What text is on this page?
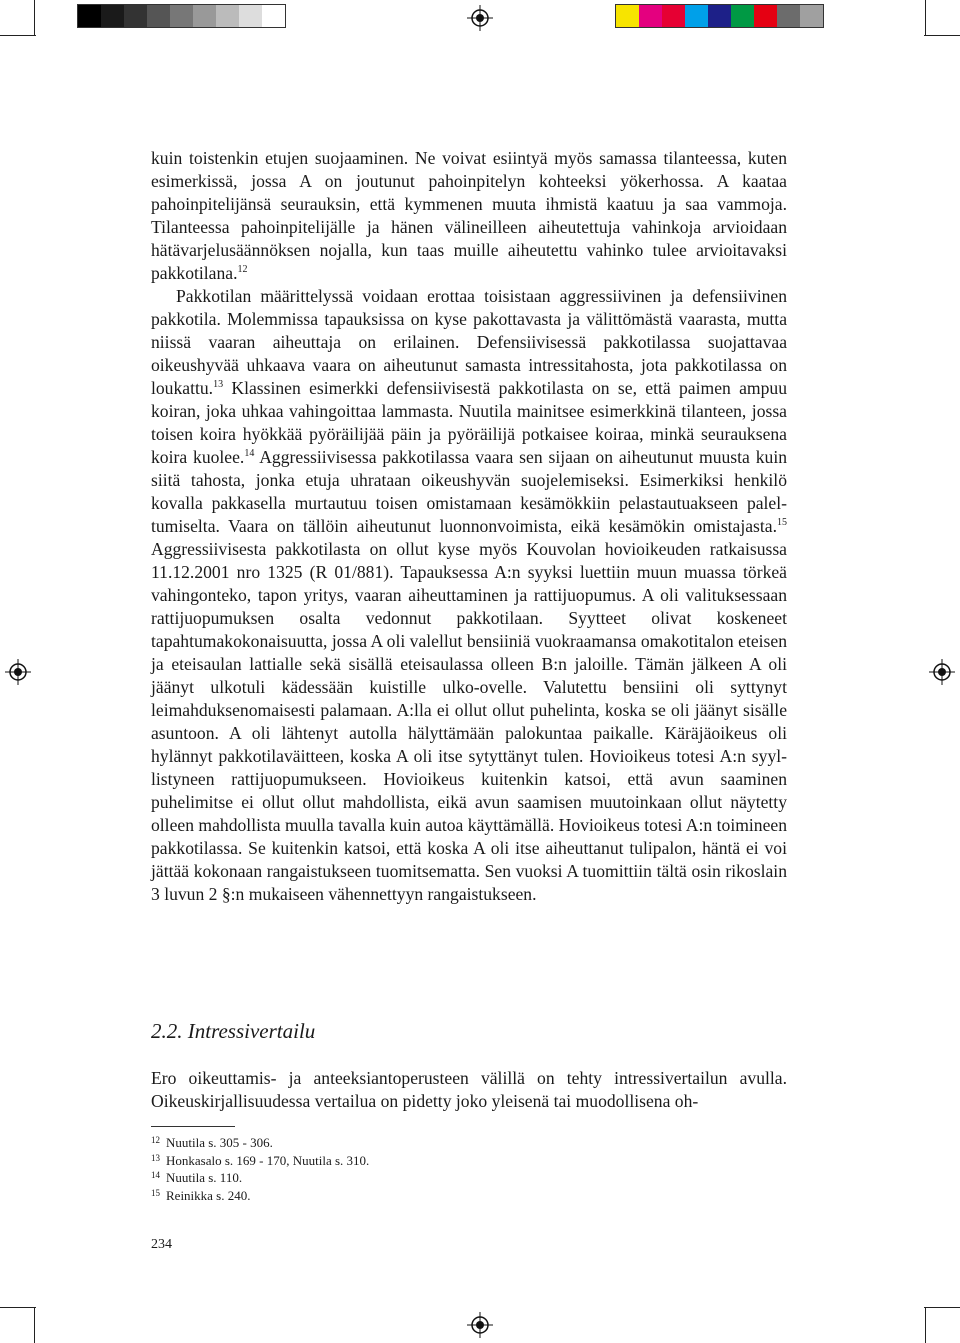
kuin toistenkin etujen suojaaminen. Ne voivat esiintyä myös samassa tilanteessa, kuten esimerkissä, jossa A on joutunut pahoinpitelyn kohteeksi yökerhossa. A kaataa pahoinpitelijänsä seurauksin, että kymmenen muuta ihmistä kaatuu ja saa vammoja. Tilanteessa pahoinpitelijälle ja hänen välineilleen aiheutettuja vahinkoja arvioidaan hätävarjelusäännöksen nojalla, kun taas muille aiheutettu vahinko tulee arvioitavaksi pakkotilana.$^{12}$

Pakkotilan määrittelyssä voidaan erottaa toisistaan aggressiivinen ja defensiivinen pakkotila. Molemmissa tapauksissa on kyse pakottavasta ja välittömästä vaarasta, mutta niissä vaaran aiheuttaja on erilainen. Defensiivisessä pakkotilassa suojattavaa oikeushyvää uhkaava vaara on aiheutunut samasta intressitahosta, jota pakkotilassa on loukattu.$^{13}$ Klassinen esimerkki defensiivisestä pakkotilasta on se, että paimen ampuu koiran, joka uhkaa vahingoittaa lammasta. Nuutila mainitsee esimerkkinä tilanteen, jossa toisen koira hyökkää pyöräilijää päin ja pyöräilijä potkaisee koiraa, minkä seurauksena koira kuolee.$^{14}$ Aggressiivisessa pakkotilassa vaara sen sijaan on aiheutunut muusta kuin siitä tahosta, jonka etuja uhrataan oikeushyvän suojelemiseksi. Esimerkiksi henkilö kovalla pakkasella murtautuu toisen omistamaan kesämökkiin pelastautuakseen paleltumiselta. Vaara on tällöin aiheutunut luonnonvoimista, eikä kesämökin omistajasta.$^{15}$ Aggressiivisesta pakkotilasta on ollut kyse myös Kouvolan hovioikeuden ratkaisussa 11.12.2001 nro 1325 (R 01/881). Tapauksessa A:n syyksi luettiin muun muassa törkeä vahingonteko, tapon yritys, vaaran aiheuttaminen ja rattijuopumus. A oli valituksessaan rattijuopumuksen osalta vedonnut pakkotilaan. Syytteet olivat koskeneet tapahtumakokonaisuutta, jossa A oli valellut bensiiniä vuokraamansa omakotitalon eteisen ja eteisaulan lattialle sekä sisällä eteisaulassa olleen B:n jaloille. Tämän jälkeen A oli jäänyt ulkotuli kädessään kuistille ulko-ovelle. Valutettu bensiini oli syttynyt leimahduksenomaisesti palamaan. A:lla ei ollut ollut puhelinta, koska se oli jäänyt sisälle asuntoon. A oli lähtenyt autolla hälyttämään palokuntaa paikalle. Käräjäoikeus oli hylännyt pakkotilaväitteen, koska A oli itse sytyttänyt tulen. Hovioikeus totesi A:n syyllistyneen rattijuopumukseen. Hovioikeus kuitenkin katsoi, että avun saaminen puhelimitse ei ollut ollut mahdollista, eikä avun saamisen muutoinkaan ollut näytetty olleen mahdollista muulla tavalla kuin autoa käyttämällä. Hovioikeus totesi A:n toimineen pakkotilassa. Se kuitenkin katsoi, että koska A oli itse aiheuttanut tulipalon, häntä ei voi jättää kokonaan rangaistukseen tuomitsematta. Sen vuoksi A tuomittiin tältä osin rikoslain 3 luvun 2 §:n mukaiseen vähennettyyn rangaistukseen.

2.2. Intressivertailu

Ero oikeuttamis- ja anteeksiantoperusteen välillä on tehty intressivertailun avulla. Oikeuskirjallisuudessa vertailua on pidetty joko yleisenä tai muodollisena oh-

12 Nuutila s. 305 - 306.
13 Honkasalo s. 169 - 170, Nuutila s. 310.
14 Nuutila s. 110.
15 Reinikka s. 240.
234
